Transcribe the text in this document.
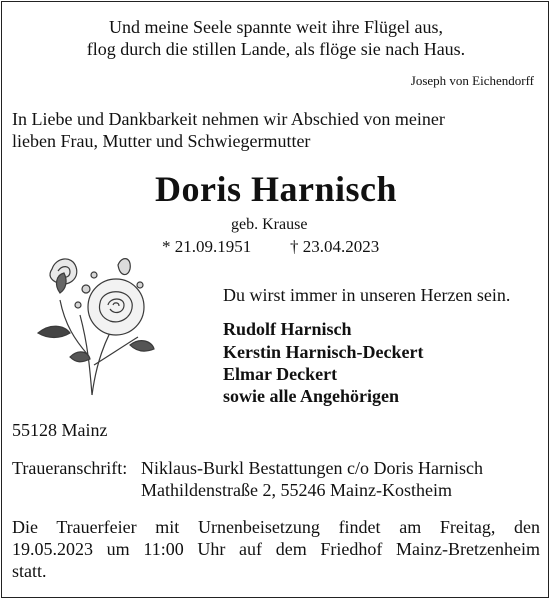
Und meine Seele spannte weit ihre Flügel aus,
flog durch die stillen Lande, als flöge sie nach Haus.
Joseph von Eichendorff
In Liebe und Dankbarkeit nehmen wir Abschied von meiner
lieben Frau, Mutter und Schwiegermutter
Doris Harnisch
geb. Krause
* 21.09.1951 † 23.04.2023
Du wirst immer in unseren Herzen sein.
Rudolf Harnisch
Kerstin Harnisch-Deckert
Elmar Deckert
sowie alle Angehörigen
55128 Mainz
Traueranschrift: Niklaus-Burkl Bestattungen c/o Doris Harnisch
Mathildenstraße 2, 55246 Mainz-Kostheim
Die Trauerfeier mit Urnenbeisetzung findet am Freitag, den
19.05.2023 um 11:00 Uhr auf dem Friedhof Mainz-Bretzenheim
statt.
